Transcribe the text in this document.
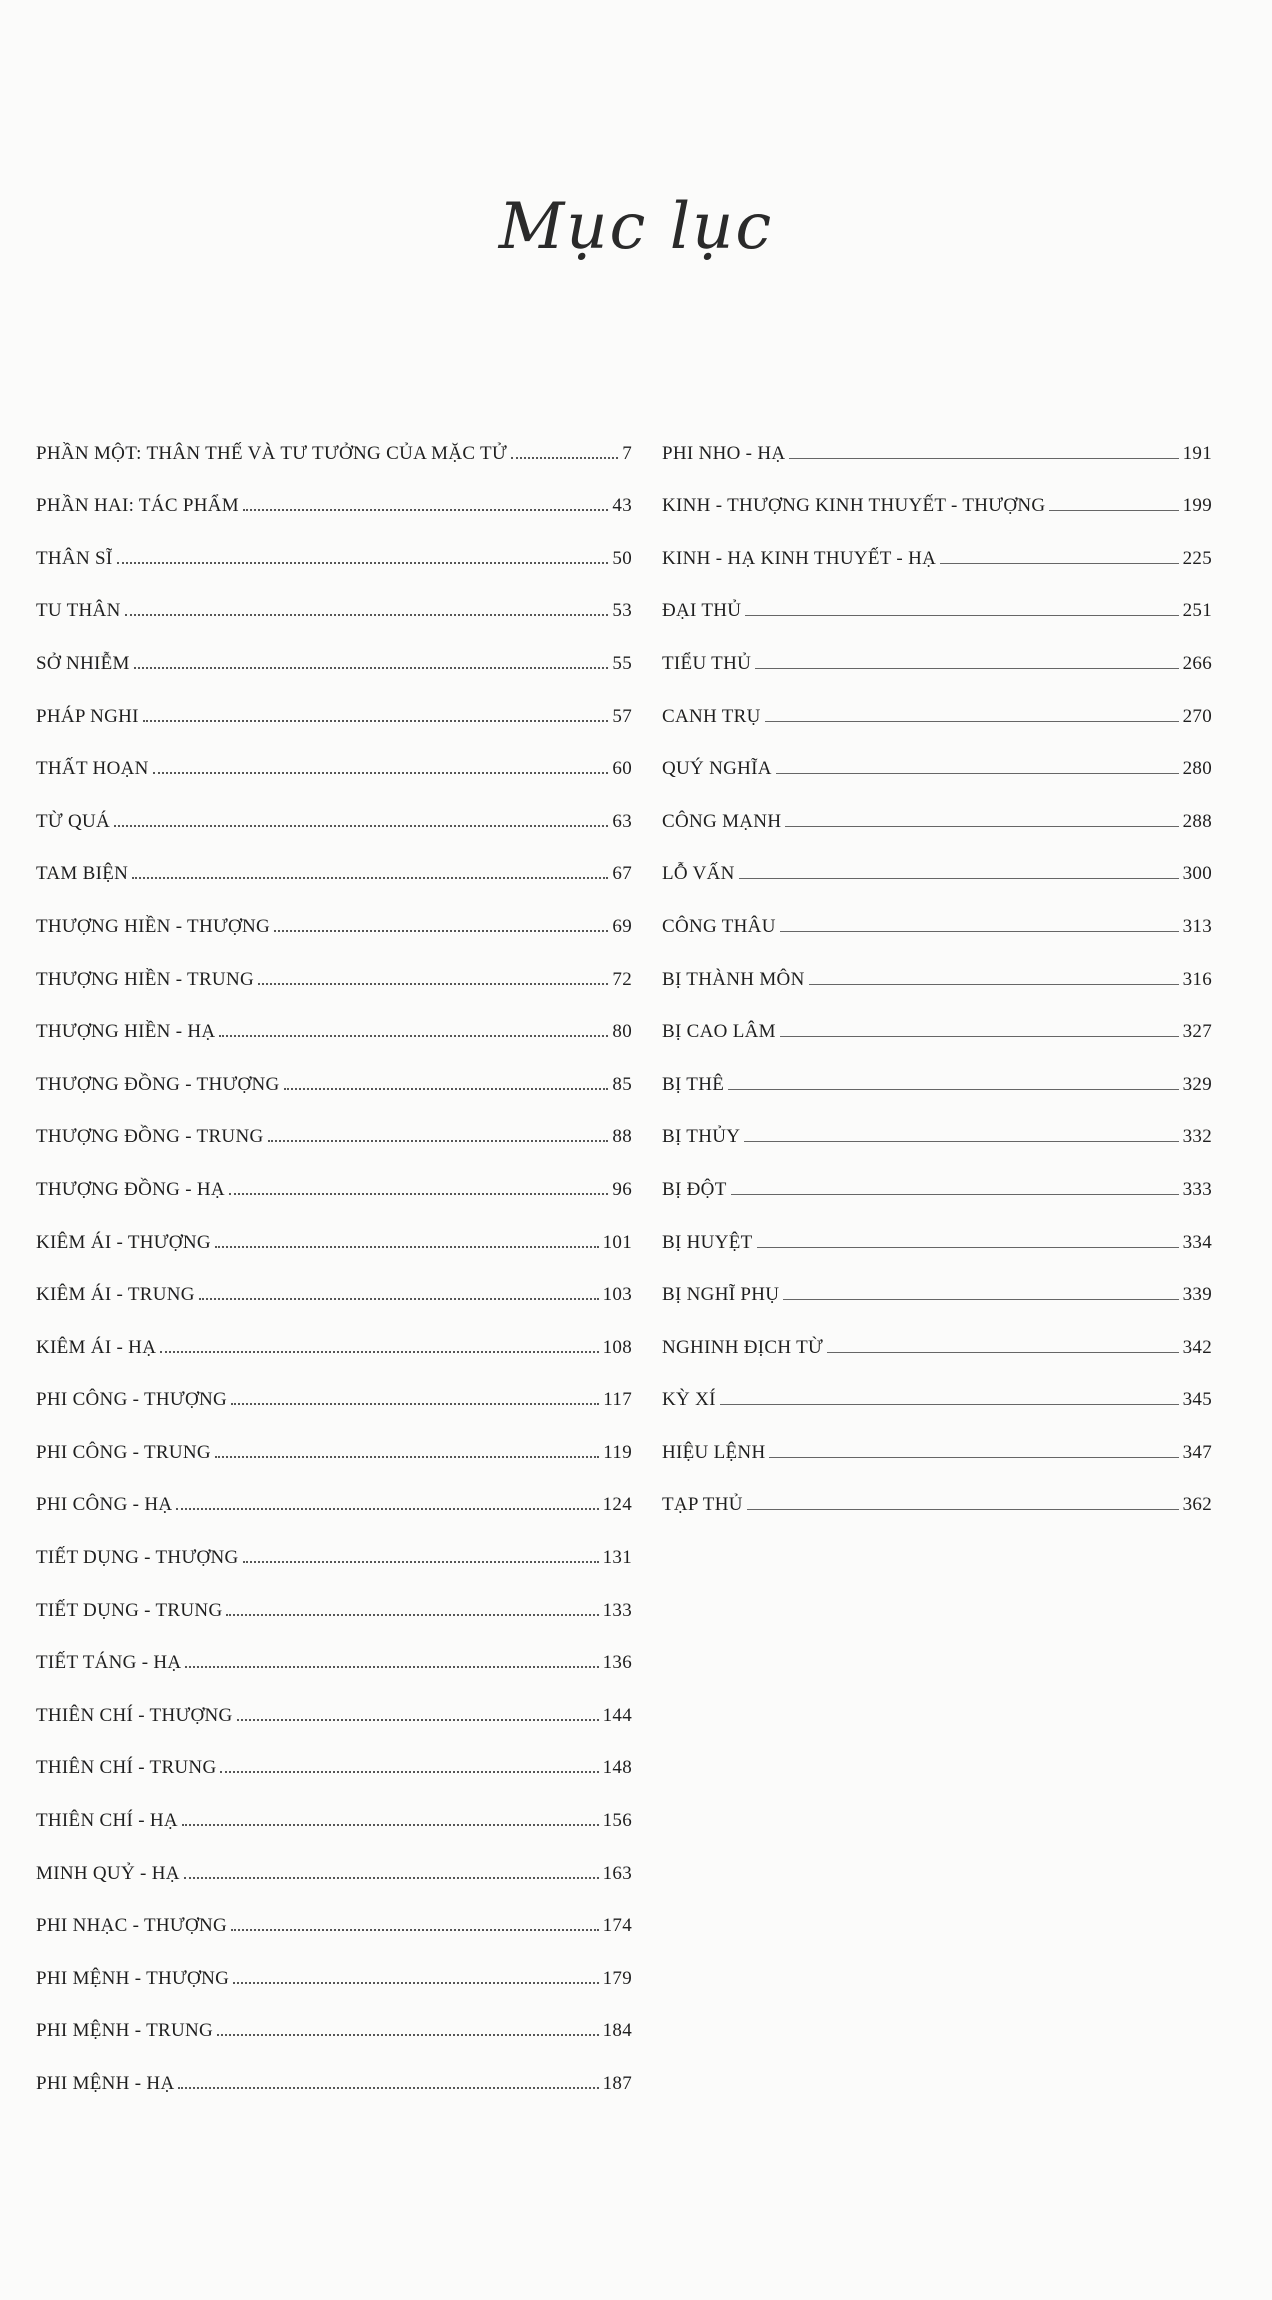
Mục lục
PHẦN MỘT: THÂN THẾ VÀ TƯ TƯỞNG CỦA MẶC TỬ	7
PHẦN HAI: TÁC PHẨM	43
THÂN SĨ	50
TU THÂN	53
SỞ NHIỄM	55
PHÁP NGHI	57
THẤT HOẠN	60
TỪ QUÁ	63
TAM BIỆN	67
THƯỢNG HIỀN - THƯỢNG	69
THƯỢNG HIỀN - TRUNG	72
THƯỢNG HIỀN - HẠ	80
THƯỢNG ĐỒNG - THƯỢNG	85
THƯỢNG ĐỒNG - TRUNG	88
THƯỢNG ĐỒNG - HẠ	96
KIÊM ÁI - THƯỢNG	101
KIÊM ÁI - TRUNG	103
KIÊM ÁI - HẠ	108
PHI CÔNG - THƯỢNG	117
PHI CÔNG - TRUNG	119
PHI CÔNG - HẠ	124
TIẾT DỤNG - THƯỢNG	131
TIẾT DỤNG - TRUNG	133
TIẾT TÁNG - HẠ	136
THIÊN CHÍ - THƯỢNG	144
THIÊN CHÍ - TRUNG	148
THIÊN CHÍ - HẠ	156
MINH QUỶ - HẠ	163
PHI NHẠC - THƯỢNG	174
PHI MỆNH - THƯỢNG	179
PHI MỆNH - TRUNG	184
PHI MỆNH - HẠ	187
PHI NHO - HẠ	191
KINH - THƯỢNG KINH THUYẾT - THƯỢNG	199
KINH - HẠ KINH THUYẾT - HẠ	225
ĐẠI THỦ	251
TIỂU THỦ	266
CANH TRỤ	270
QUÝ NGHĨA	280
CÔNG MẠNH	288
LỖ VẤN	300
CÔNG THÂU	313
BỊ THÀNH MÔN	316
BỊ CAO LÂM	327
BỊ THÊ	329
BỊ THỦY	332
BỊ ĐỘT	333
BỊ HUYỆT	334
BỊ NGHĨ PHỤ	339
NGHINH ĐỊCH TỪ	342
KỲ XÍ	345
HIỆU LỆNH	347
TẠP THỦ	362
